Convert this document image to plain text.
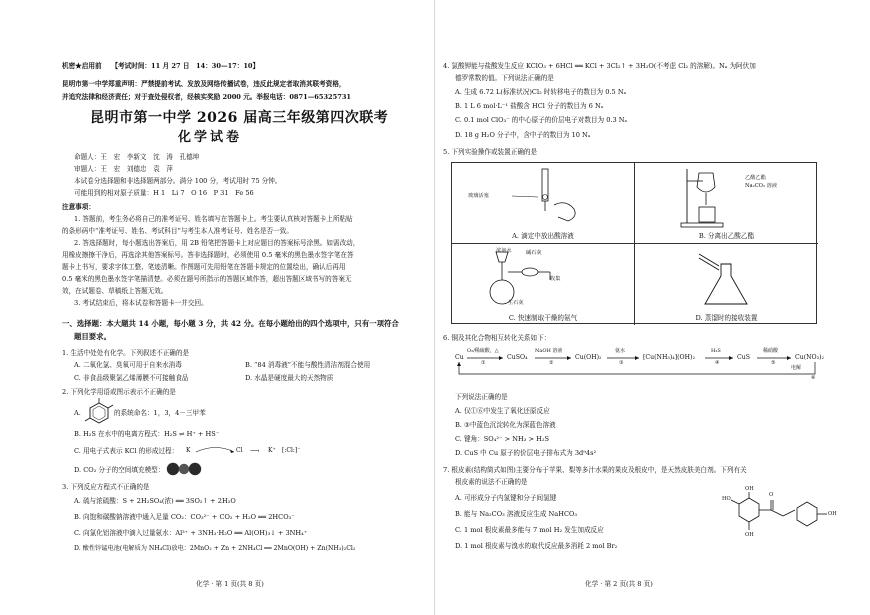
机密★启用前　　【考试时间：11 月 27 日　14：30—17：10】
昆明市第一中学郑重声明：严禁提前考试、发放及网络传播试卷，违反此规定者取消其联考资格，
并追究法律和经济责任；对于查处侵权者，经核实奖励 2000 元。举报电话：0871—65325731
昆明市第一中学 2026 届高三年级第四次联考
化学试卷
命题人：王　宏　李新文　沈　涛　孔德坤
审题人：王　宏　刘德忠　袁　萍
本试卷分选择题和非选择题两部分。满分 100 分，考试用时 75 分钟。
可能用到的相对原子质量：H 1　Li 7　O 16　P 31　Fe 56
注意事项：
1. 答题前，考生务必将自己的准考证号、姓名填写在答题卡上。考生要认真核对答题卡上所粘贴
的条形码中“准考证号、姓名、考试科目”与考生本人准考证号、姓名是否一致。
2. 答选择题时，每小题选出答案后，用 2B 铅笔把答题卡上对应题目的答案标号涂黑。如需改动，
用橡皮擦擦干净后，再选涂其他答案标号。答非选择题时，必须使用 0.5 毫米的黑色墨水签字笔在答
题卡上书写，要求字体工整、笔迹清晰。作图题可先用铅笔在答题卡规定的位置绘出，确认后再用
0.5 毫米的黑色墨水签字笔描清楚。必须在题号所指示的答题区域作答，超出答题区域书写的答案无
效，在试题卷、草稿纸上答题无效。
3. 考试结束后，将本试卷和答题卡一并交回。
一、选择题：本大题共 14 小题，每小题 3 分，共 42 分。在每小题给出的四个选项中，只有一项符合
题目要求。
1. 生活中处处有化学。下列叙述不正确的是
A. 二氧化氯、臭氧可用于自来水消毒	B. “84 消毒液”不能与酸性清洁剂混合使用
C. 非食品级聚氯乙烯薄膜不可接触食品	D. 水晶是硬度最大的天然物质
2. 下列化学用语或图示表示不正确的是
A.	的系统命名：1，3，4－三甲苯
B. H₂S 在水中的电离方程式：H₂S ⇌ H⁺ + HS⁻
C. 用电子式表示 KCl 的形成过程： K	Cl ⟶ K⁺ [:Cl:]⁻
D. CO₂ 分子的空间填充模型：
3. 下列反应方程式不正确的是
A. 硫与浓硫酸：S + 2H₂SO₄(浓) ══ 3SO₂↑ + 2H₂O
B. 向饱和碳酸钠溶液中通入足量 CO₂：CO₃²⁻ + CO₂ + H₂O ══ 2HCO₃⁻
C. 向氯化铝溶液中滴入过量氨水：Al³⁺ + 3NH₃·H₂O ══ Al(OH)₃↓ + 3NH₄⁺
D. 酸性锌锰电池(电解质为 NH₄Cl)放电：2MnO₂ + Zn + 2NH₄Cl ══ 2MnO(OH) + Zn(NH₃)₂Cl₂
化学 · 第 1 页(共 8 页)
4. 氯酸钾能与盐酸发生反应 KClO₃ + 6HCl ══ KCl + 3Cl₂↑ + 3H₂O(不考虑 Cl₂ 的溶解)。Nₐ 为阿伏加
德罗常数的值。下列说法正确的是
A. 生成 6.72 L(标准状况)Cl₂ 时转移电子的数目为 0.5 Nₐ
B. 1 L 6 mol·L⁻¹ 盐酸含 HCl 分子的数目为 6 Nₐ
C. 0.1 mol ClO₃⁻ 的中心原子的价层电子对数目为 0.3 Nₐ
D. 18 g H₂O 分子中，含中子的数目为 10 Nₐ
5. 下列实验操作或装置正确的是
玻璃活塞
A. 滴定中放出酸溶液
乙酸乙酯
Na₂CO₃ 溶液
B. 分离出乙酸乙酯
浓氨水	碱石灰
收集
生石灰
C. 快速制取干燥的氨气	D. 蒸馏时的接收装置
6. 铜及其化合物相互转化关系如下：
Cu	CuSO₄	Cu(OH)₂	[Cu(NH₃)₄](OH)₂	CuS	Cu(NO₃)₂
O₂/稀硫酸，△	NaOH 溶液	氨水	H₂S	稀硝酸
电解
①	②	③	④	⑤
⑥
下列说法正确的是
A. 仅①⑥中发生了氧化还原反应
B. ③中蓝色沉淀转化为深蓝色溶液
C. 键角：SO₄²⁻ > NH₃ > H₂S
D. CuS 中 Cu 原子的价层电子排布式为 3d⁹4s²
7. 根皮素(结构简式如图)主要分布于苹果、梨等多汁水果的果皮及根皮中，是天然皮肤美白剂。下列有关
根皮素的说法不正确的是
A. 可形成分子内氢键和分子间氢键
B. 能与 Na₂CO₃ 溶液反应生成 NaHCO₃
C. 1 mol 根皮素最多能与 7 mol H₂ 发生加成反应
D. 1 mol 根皮素与溴水的取代反应最多消耗 2 mol Br₂
HO
OH
OH
OH
O
化学 · 第 2 页(共 8 页)
